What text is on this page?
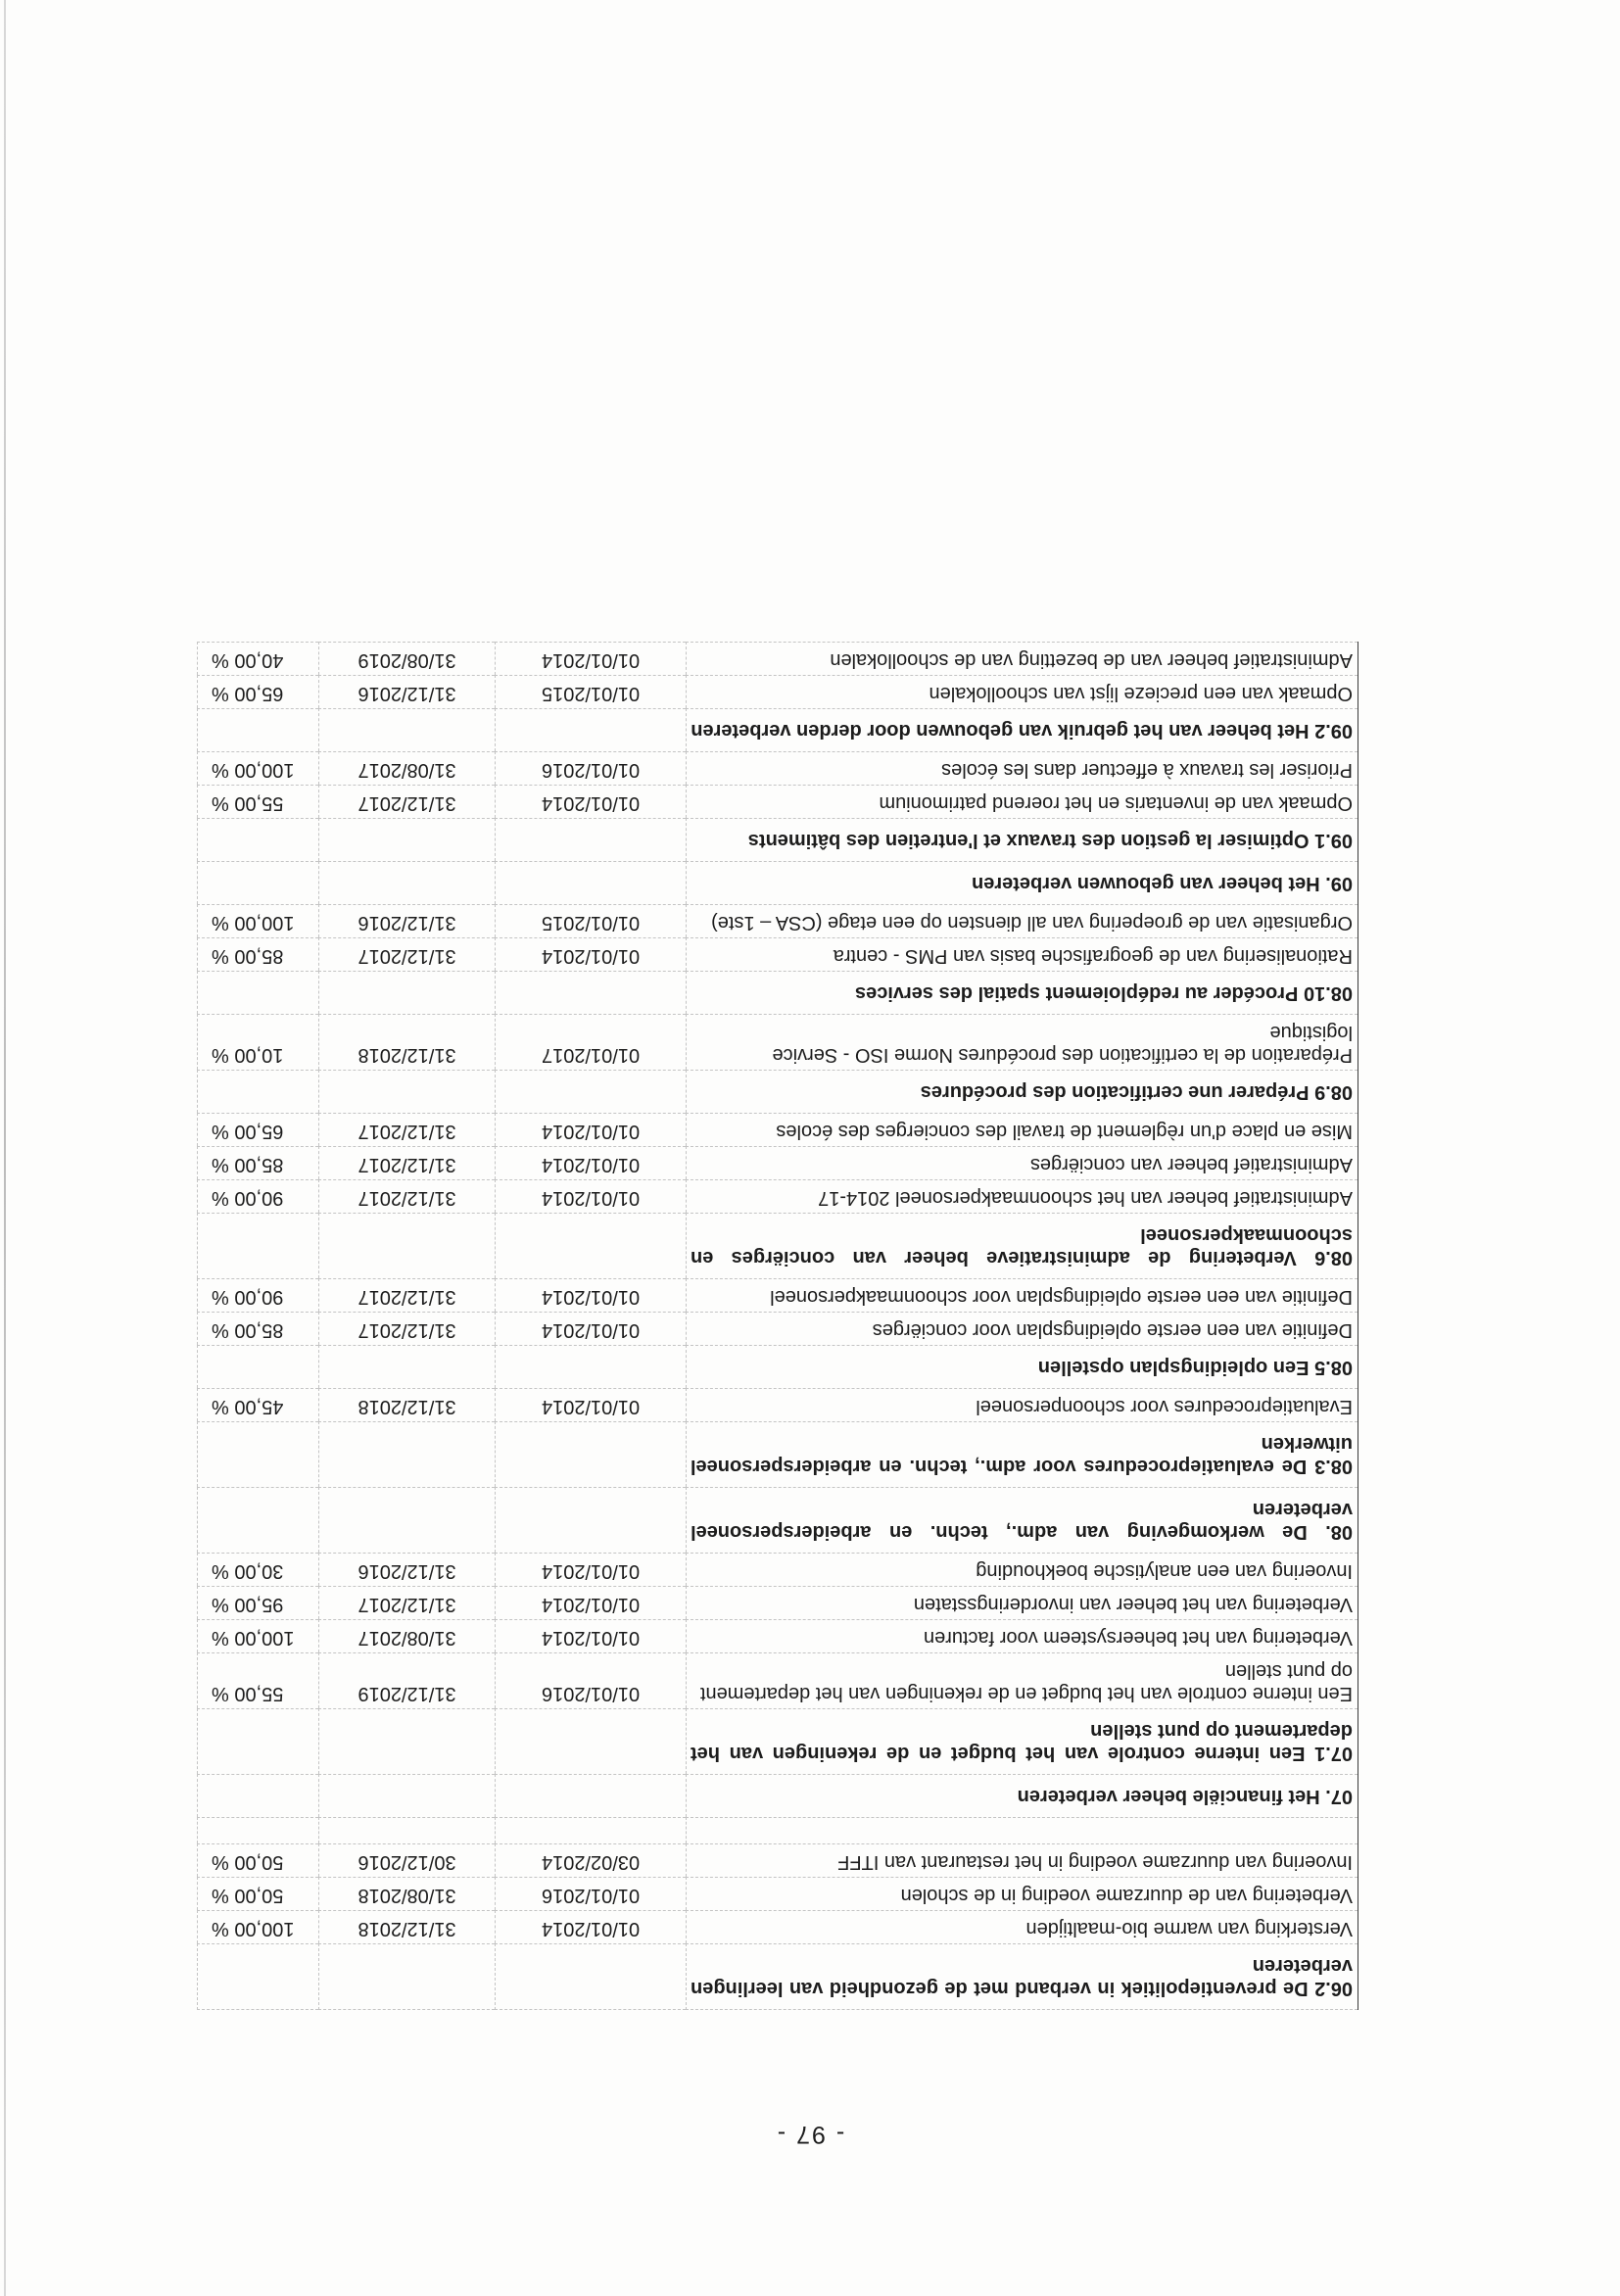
- 97 -
06.2 De preventiepolitiek in verband met de gezondheid van leerlingen verbeteren			
Versterking van warme bio-maaltijden	01/01/2014	31/12/2018	100,00 %
Verbetering van de duurzame voeding in de scholen	01/01/2016	31/08/2018	50,00 %
Invoering van duurzame voeding in het restaurant van ITFF	03/02/2014	30/12/2016	50,00 %

07. Het financiële beheer verbeteren			
07.1 Een interne controle van het budget en de rekeningen van het departement op punt stellen			
Een interne controle van het budget en de rekeningen van het departement op punt stellen	01/01/2016	31/12/2019	55,00 %
Verbetering van het beheersysteem voor facturen	01/01/2014	31/08/2017	100,00 %
Verbetering van het beheer van invorderingsstaten	01/01/2014	31/12/2017	95,00 %
Invoering van een analytische boekhouding	01/01/2014	31/12/2016	30,00 %
08. De werkomgeving van adm., techn. en arbeiderspersoneel verbeteren			
08.3 De evaluatieprocedures voor adm., techn. en arbeiderspersoneel uitwerken			
Evaluatieprocedures voor schoonpersoneel	01/01/2014	31/12/2018	45,00 %
08.5 Een opleidingsplan opstellen			
Definitie van een eerste opleidingsplan voor conciërges	01/01/2014	31/12/2017	85,00 %
Definitie van een eerste opleidingsplan voor schoonmaakpersoneel	01/01/2014	31/12/2017	90,00 %
08.6 Verbetering de administratieve beheer van conciërges en schoonmaakpersoneel			
Administratief beheer van het schoonmaakpersoneel 2014-17	01/01/2014	31/12/2017	90,00 %
Administratief beheer van conciërges	01/01/2014	31/12/2017	85,00 %
Mise en place d'un règlement de travail des concierges des écoles	01/01/2014	31/12/2017	65,00 %
08.9 Préparer une certification des procédures			
Préparation de la certification des procédures Norme ISO - Service logistique	01/01/2017	31/12/2018	10,00 %
08.10 Procéder au redéploiement spatial des services			
Rationalisering van de geografische basis van PMS - centra	01/01/2014	31/12/2017	85,00 %
Organisatie van de groepering van all diensten op een etage (CSA – 1ste)	01/01/2015	31/12/2016	100,00 %
09. Het beheer van gebouwen verbeteren			
09.1 Optimiser la gestion des travaux et l'entretien des bâtiments			
Opmaak van de inventaris en het roerend patrimonium	01/01/2014	31/12/2017	55,00 %
Prioriser les travaux à effectuer dans les écoles	01/01/2016	31/08/2017	100,00 %
09.2 Het beheer van het gebruik van gebouwen door derden verbeteren			
Opmaak van een precieze lijst van schoollokalen	01/01/2015	31/12/2016	65,00 %
Administratief beheer van de bezetting van de schoollokalen	01/01/2014	31/08/2019	40,00 %
